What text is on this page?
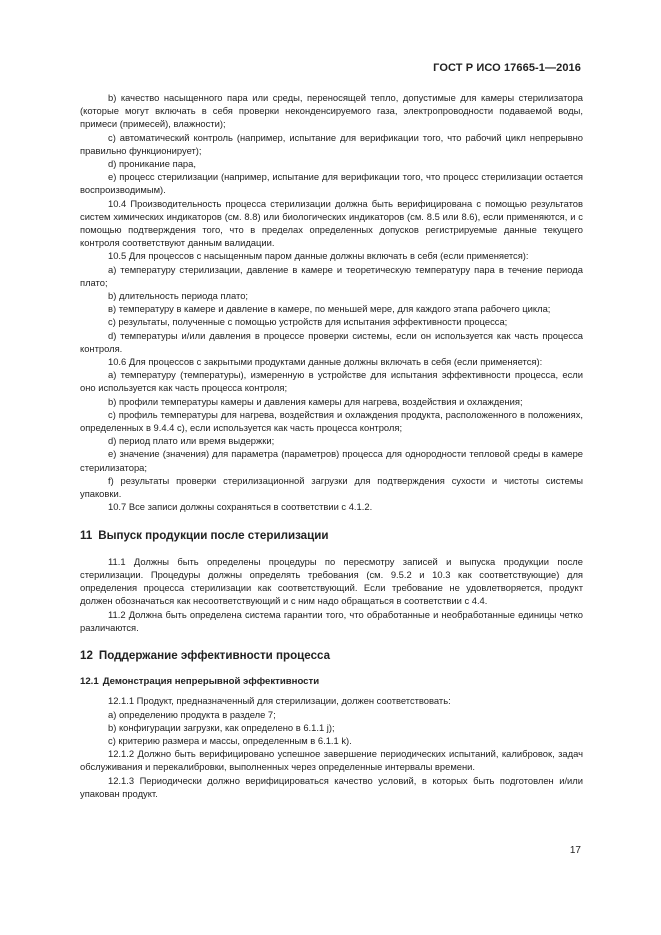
ГОСТ Р ИСО 17665-1—2016

b) качество насыщенного пара или среды, переносящей тепло, допустимые для камеры стерилизатора (которые могут включать в себя проверки неконденсируемого газа, электропроводности подаваемой воды, примеси (примесей), влажности);

c) автоматический контроль (например, испытание для верификации того, что рабочий цикл непрерывно правильно функционирует);

d) проникание пара,

e) процесс стерилизации (например, испытание для верификации того, что процесс стерилизации остается воспроизводимым).

10.4 Производительность процесса стерилизации должна быть верифицирована с помощью результатов систем химических индикаторов (см. 8.8) или биологических индикаторов (см. 8.5 или 8.6), если применяются, и с помощью подтверждения того, что в пределах определенных допусков регистрируемые данные текущего контроля соответствуют данным валидации.

10.5 Для процессов с насыщенным паром данные должны включать в себя (если применяется):

a) температуру стерилизации, давление в камере и теоретическую температуру пара в течение периода плато;

b) длительность периода плато;

в) температуру в камере и давление в камере, по меньшей мере, для каждого этапа рабочего цикла;

c) результаты, полученные с помощью устройств для испытания эффективности процесса;

d) температуры и/или давления в процессе проверки системы, если он используется как часть процесса контроля.

10.6 Для процессов с закрытыми продуктами данные должны включать в себя (если применяется):

a) температуру (температуры), измеренную в устройстве для испытания эффективности процесса, если оно используется как часть процесса контроля;

b) профили температуры камеры и давления камеры для нагрева, воздействия и охлаждения;

c) профиль температуры для нагрева, воздействия и охлаждения продукта, расположенного в положениях, определенных в 9.4.4 c), если используется как часть процесса контроля;

d) период плато или время выдержки;

e) значение (значения) для параметра (параметров) процесса для однородности тепловой среды в камере стерилизатора;

f) результаты проверки стерилизационной загрузки для подтверждения сухости и чистоты системы упаковки.

10.7 Все записи должны сохраняться в соответствии с 4.1.2.

11 Выпуск продукции после стерилизации

11.1 Должны быть определены процедуры по пересмотру записей и выпуска продукции после стерилизации. Процедуры должны определять требования (см. 9.5.2 и 10.3 как соответствующие) для определения процесса стерилизации как соответствующий. Если требование не удовлетворяется, продукт должен обозначаться как несоответствующий и с ним надо обращаться в соответствии с 4.4.

11.2 Должна быть определена система гарантии того, что обработанные и необработанные единицы четко различаются.

12 Поддержание эффективности процесса
12.1 Демонстрация непрерывной эффективности

12.1.1 Продукт, предназначенный для стерилизации, должен соответствовать:

a) определению продукта в разделе 7;

b) конфигурации загрузки, как определено в 6.1.1 j);

c) критерию размера и массы, определенным в 6.1.1 k).

12.1.2 Должно быть верифицировано успешное завершение периодических испытаний, калибровок, задач обслуживания и перекалибровки, выполненных через определенные интервалы времени.

12.1.3 Периодически должно верифицироваться качество условий, в которых быть подготовлен и/или упакован продукт.

17
